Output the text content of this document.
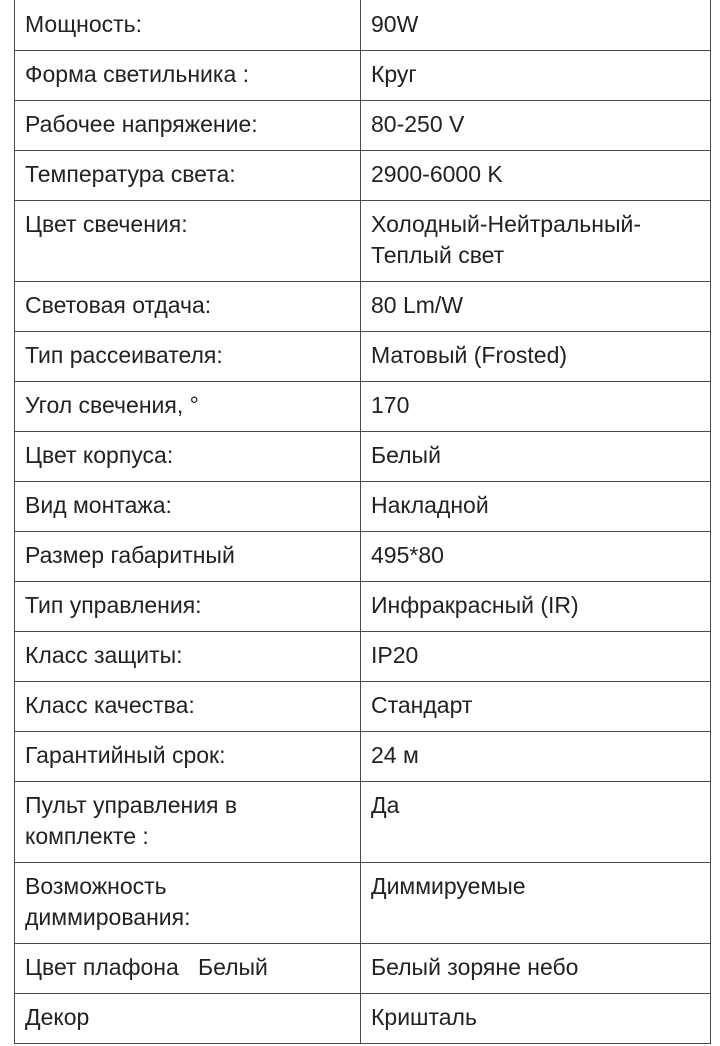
Мощность:	90W
Форма светильника :	Круг
Рабочее напряжение:	80-250 V
Температура света:	2900-6000 K
Цвет свечения:	Холодный-Нейтральный-
Теплый свет
Световая отдача:	80 Lm/W
Тип рассеивателя:	Матовый (Frosted)
Угол свечения, °	170
Цвет корпуса:	Белый
Вид монтажа:	Накладной
Размер габаритный	495*80
Тип управления:	Инфракрасный (IR)
Класс защиты:	IP20
Класс качества:	Стандарт
Гарантийный срок:	24 м
Пульт управления в
комплекте :	Да
Возможность
диммирования:	Диммируемые
Цвет плафона   Белый	Белый зоряне небо
Декор	Кришталь
